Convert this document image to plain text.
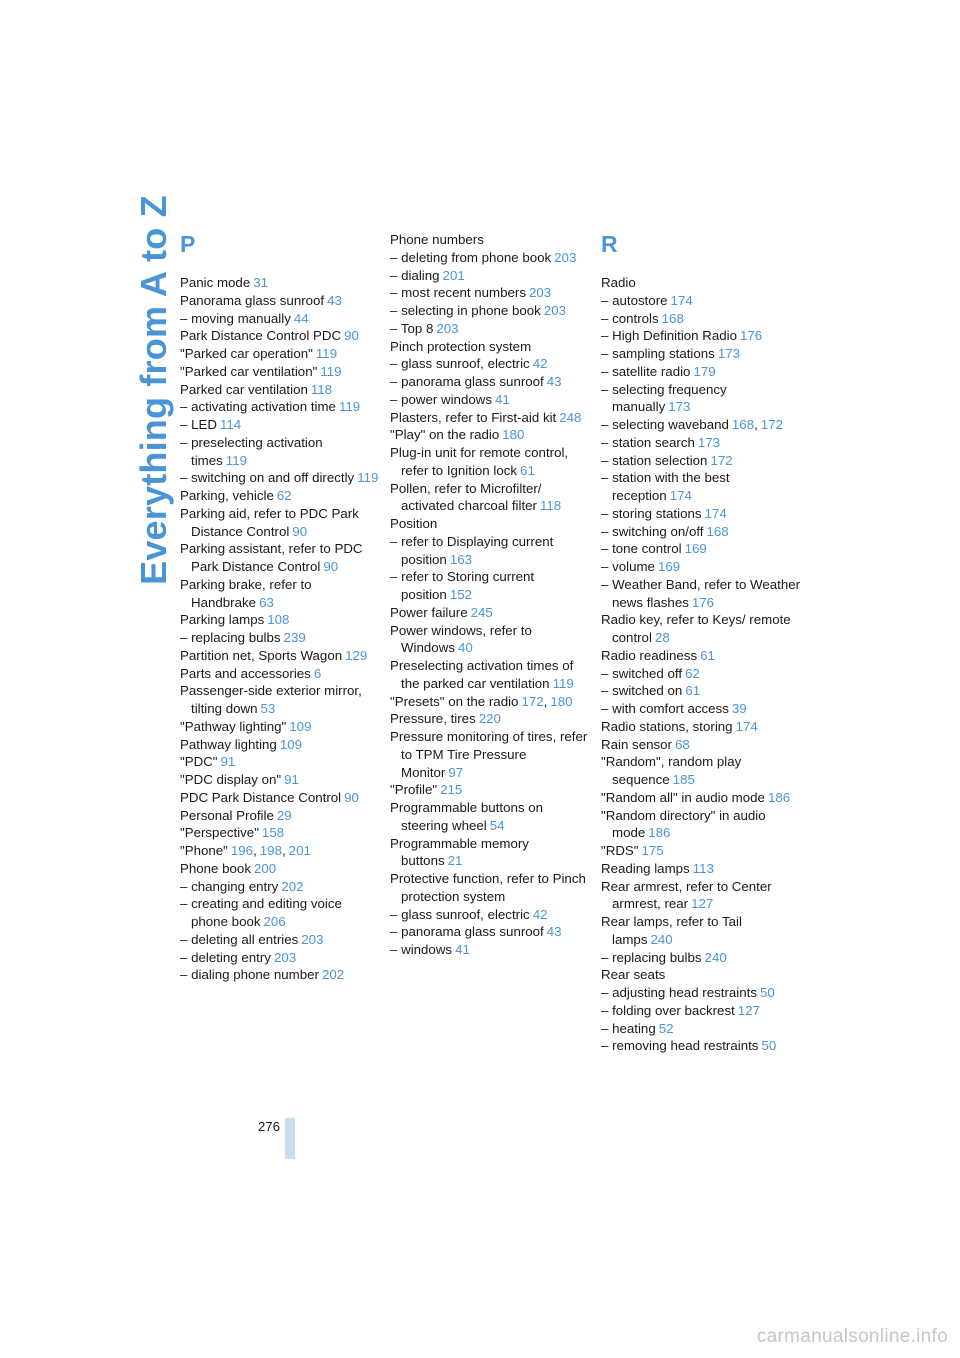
Everything from A to Z P
Panic mode 31
Panorama glass sunroof 43
– moving manually 44
Park Distance Control PDC 90
"Parked car operation" 119
"Parked car ventilation" 119
Parked car ventilation 118
– activating activation time 119
– LED 114
– preselecting activation times 119
– switching on and off directly 119
Parking, vehicle 62
Parking aid, refer to PDC Park Distance Control 90
Parking assistant, refer to PDC Park Distance Control 90
Parking brake, refer to Handbrake 63
Parking lamps 108
– replacing bulbs 239
Partition net, Sports Wagon 129
Parts and accessories 6
Passenger-side exterior mirror, tilting down 53
"Pathway lighting" 109
Pathway lighting 109
"PDC" 91
"PDC display on" 91
PDC Park Distance Control 90
Personal Profile 29
"Perspective" 158
"Phone" 196, 198, 201
Phone book 200
– changing entry 202
– creating and editing voice phone book 206
– deleting all entries 203
– deleting entry 203
– dialing phone number 202
Phone numbers
– deleting from phone book 203
– dialing 201
– most recent numbers 203
– selecting in phone book 203
– Top 8 203
Pinch protection system
– glass sunroof, electric 42
– panorama glass sunroof 43
– power windows 41
Plasters, refer to First-aid kit 248
"Play" on the radio 180
Plug-in unit for remote control, refer to Ignition lock 61
Pollen, refer to Microfilter/ activated charcoal filter 118
Position
– refer to Displaying current position 163
– refer to Storing current position 152
Power failure 245
Power windows, refer to Windows 40
Preselecting activation times of the parked car ventilation 119
"Presets" on the radio 172, 180
Pressure, tires 220
Pressure monitoring of tires, refer to TPM Tire Pressure Monitor 97
"Profile" 215
Programmable buttons on steering wheel 54
Programmable memory buttons 21
Protective function, refer to Pinch protection system
– glass sunroof, electric 42
– panorama glass sunroof 43
– windows 41
R
Radio
– autostore 174
– controls 168
– High Definition Radio 176
– sampling stations 173
– satellite radio 179
– selecting frequency manually 173
– selecting waveband 168, 172
– station search 173
– station selection 172
– station with the best reception 174
– storing stations 174
– switching on/off 168
– tone control 169
– volume 169
– Weather Band, refer to Weather news flashes 176
Radio key, refer to Keys/ remote control 28
Radio readiness 61
– switched off 62
– switched on 61
– with comfort access 39
Radio stations, storing 174
Rain sensor 68
"Random", random play sequence 185
"Random all" in audio mode 186
"Random directory" in audio mode 186
"RDS" 175
Reading lamps 113
Rear armrest, refer to Center armrest, rear 127
Rear lamps, refer to Tail lamps 240
– replacing bulbs 240
Rear seats
– adjusting head restraints 50
– folding over backrest 127
– heating 52
– removing head restraints 50
276
carmanualsonline.info
